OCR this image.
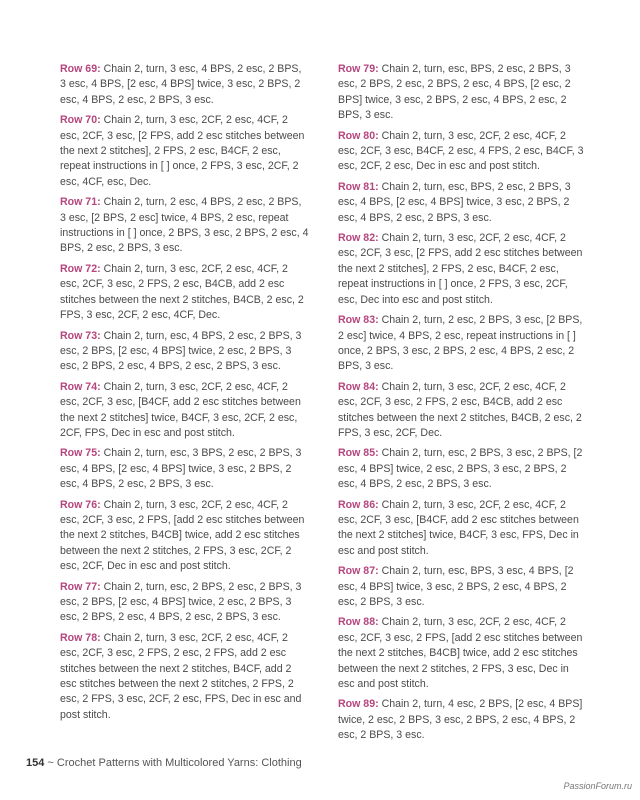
Row 69: Chain 2, turn, 3 esc, 4 BPS, 2 esc, 2 BPS, 3 esc, 4 BPS, [2 esc, 4 BPS] twice, 3 esc, 2 BPS, 2 esc, 4 BPS, 2 esc, 2 BPS, 3 esc.

Row 70: Chain 2, turn, 3 esc, 2CF, 2 esc, 4CF, 2 esc, 2CF, 3 esc, [2 FPS, add 2 esc stitches between the next 2 stitches], 2 FPS, 2 esc, B4CF, 2 esc, repeat instructions in [ ] once, 2 FPS, 3 esc, 2CF, 2 esc, 4CF, esc, Dec.

Row 71: Chain 2, turn, 2 esc, 4 BPS, 2 esc, 2 BPS, 3 esc, [2 BPS, 2 esc] twice, 4 BPS, 2 esc, repeat instructions in [ ] once, 2 BPS, 3 esc, 2 BPS, 2 esc, 4 BPS, 2 esc, 2 BPS, 3 esc.

Row 72: Chain 2, turn, 3 esc, 2CF, 2 esc, 4CF, 2 esc, 2CF, 3 esc, 2 FPS, 2 esc, B4CB, add 2 esc stitches between the next 2 stitches, B4CB, 2 esc, 2 FPS, 3 esc, 2CF, 2 esc, 4CF, Dec.

Row 73: Chain 2, turn, esc, 4 BPS, 2 esc, 2 BPS, 3 esc, 2 BPS, [2 esc, 4 BPS] twice, 2 esc, 2 BPS, 3 esc, 2 BPS, 2 esc, 4 BPS, 2 esc, 2 BPS, 3 esc.

Row 74: Chain 2, turn, 3 esc, 2CF, 2 esc, 4CF, 2 esc, 2CF, 3 esc, [B4CF, add 2 esc stitches between the next 2 stitches] twice, B4CF, 3 esc, 2CF, 2 esc, 2CF, FPS, Dec in esc and post stitch.

Row 75: Chain 2, turn, esc, 3 BPS, 2 esc, 2 BPS, 3 esc, 4 BPS, [2 esc, 4 BPS] twice, 3 esc, 2 BPS, 2 esc, 4 BPS, 2 esc, 2 BPS, 3 esc.

Row 76: Chain 2, turn, 3 esc, 2CF, 2 esc, 4CF, 2 esc, 2CF, 3 esc, 2 FPS, [add 2 esc stitches between the next 2 stitches, B4CB] twice, add 2 esc stitches between the next 2 stitches, 2 FPS, 3 esc, 2CF, 2 esc, 2CF, Dec in esc and post stitch.

Row 77: Chain 2, turn, esc, 2 BPS, 2 esc, 2 BPS, 3 esc, 2 BPS, [2 esc, 4 BPS] twice, 2 esc, 2 BPS, 3 esc, 2 BPS, 2 esc, 4 BPS, 2 esc, 2 BPS, 3 esc.

Row 78: Chain 2, turn, 3 esc, 2CF, 2 esc, 4CF, 2 esc, 2CF, 3 esc, 2 FPS, 2 esc, 2 FPS, add 2 esc stitches between the next 2 stitches, B4CF, add 2 esc stitches between the next 2 stitches, 2 FPS, 2 esc, 2 FPS, 3 esc, 2CF, 2 esc, FPS, Dec in esc and post stitch.

Row 79: Chain 2, turn, esc, BPS, 2 esc, 2 BPS, 3 esc, 2 BPS, 2 esc, 2 BPS, 2 esc, 4 BPS, [2 esc, 2 BPS] twice, 3 esc, 2 BPS, 2 esc, 4 BPS, 2 esc, 2 BPS, 3 esc.

Row 80: Chain 2, turn, 3 esc, 2CF, 2 esc, 4CF, 2 esc, 2CF, 3 esc, B4CF, 2 esc, 4 FPS, 2 esc, B4CF, 3 esc, 2CF, 2 esc, Dec in esc and post stitch.

Row 81: Chain 2, turn, esc, BPS, 2 esc, 2 BPS, 3 esc, 4 BPS, [2 esc, 4 BPS] twice, 3 esc, 2 BPS, 2 esc, 4 BPS, 2 esc, 2 BPS, 3 esc.

Row 82: Chain 2, turn, 3 esc, 2CF, 2 esc, 4CF, 2 esc, 2CF, 3 esc, [2 FPS, add 2 esc stitches between the next 2 stitches], 2 FPS, 2 esc, B4CF, 2 esc, repeat instructions in [ ] once, 2 FPS, 3 esc, 2CF, esc, Dec into esc and post stitch.

Row 83: Chain 2, turn, 2 esc, 2 BPS, 3 esc, [2 BPS, 2 esc] twice, 4 BPS, 2 esc, repeat instructions in [ ] once, 2 BPS, 3 esc, 2 BPS, 2 esc, 4 BPS, 2 esc, 2 BPS, 3 esc.

Row 84: Chain 2, turn, 3 esc, 2CF, 2 esc, 4CF, 2 esc, 2CF, 3 esc, 2 FPS, 2 esc, B4CB, add 2 esc stitches between the next 2 stitches, B4CB, 2 esc, 2 FPS, 3 esc, 2CF, Dec.

Row 85: Chain 2, turn, esc, 2 BPS, 3 esc, 2 BPS, [2 esc, 4 BPS] twice, 2 esc, 2 BPS, 3 esc, 2 BPS, 2 esc, 4 BPS, 2 esc, 2 BPS, 3 esc.

Row 86: Chain 2, turn, 3 esc, 2CF, 2 esc, 4CF, 2 esc, 2CF, 3 esc, [B4CF, add 2 esc stitches between the next 2 stitches] twice, B4CF, 3 esc, FPS, Dec in esc and post stitch.

Row 87: Chain 2, turn, esc, BPS, 3 esc, 4 BPS, [2 esc, 4 BPS] twice, 3 esc, 2 BPS, 2 esc, 4 BPS, 2 esc, 2 BPS, 3 esc.

Row 88: Chain 2, turn, 3 esc, 2CF, 2 esc, 4CF, 2 esc, 2CF, 3 esc, 2 FPS, [add 2 esc stitches between the next 2 stitches, B4CB] twice, add 2 esc stitches between the next 2 stitches, 2 FPS, 3 esc, Dec in esc and post stitch.

Row 89: Chain 2, turn, 4 esc, 2 BPS, [2 esc, 4 BPS] twice, 2 esc, 2 BPS, 3 esc, 2 BPS, 2 esc, 4 BPS, 2 esc, 2 BPS, 3 esc.

154 ~ Crochet Patterns with Multicolored Yarns: Clothing
PassionForum.ru
